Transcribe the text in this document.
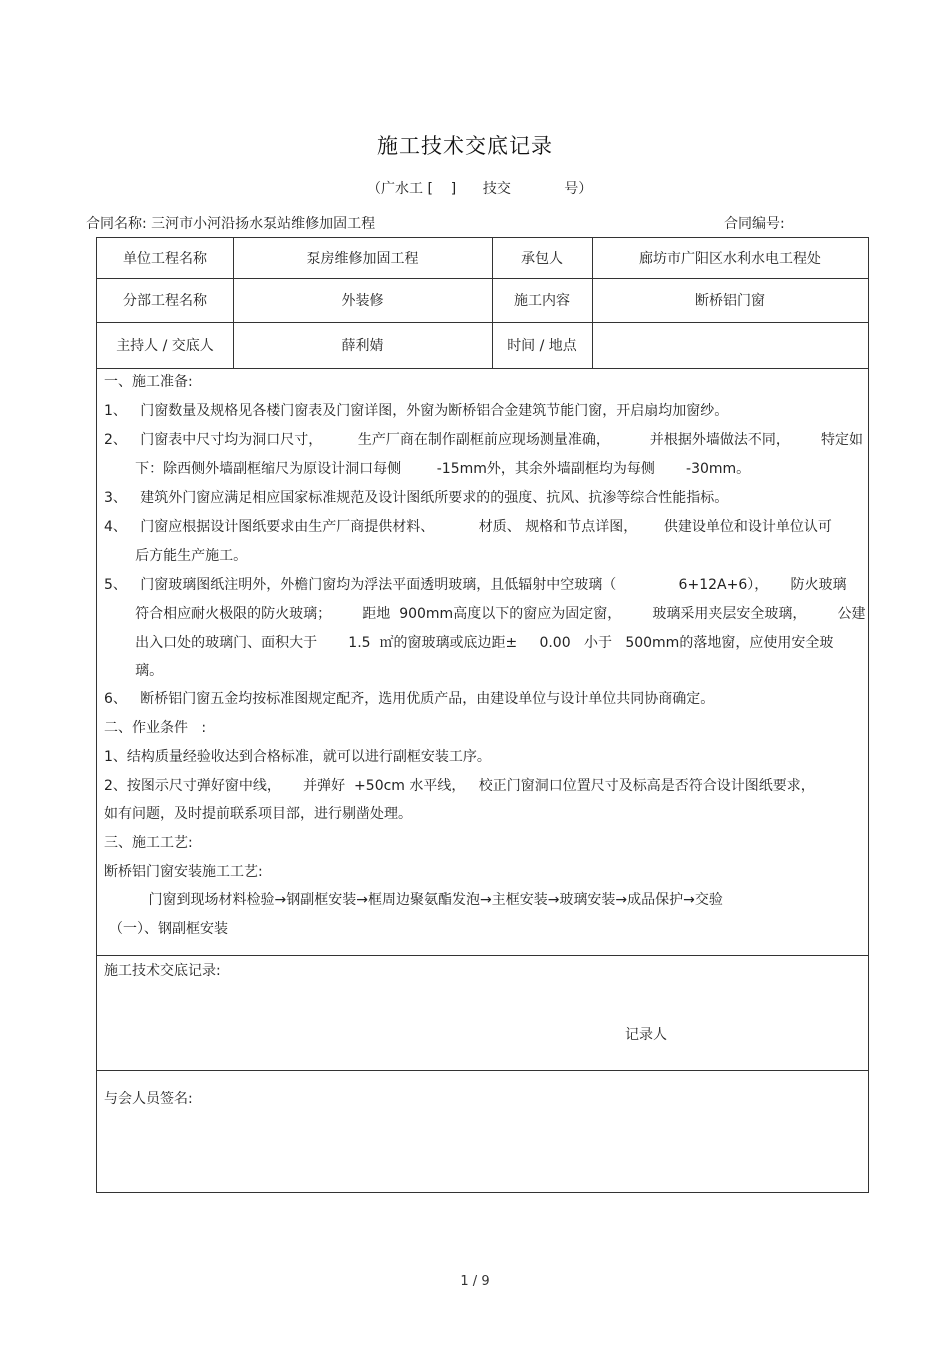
施工技术交底记录
（广水工 [    ]      技交            号）
合同名称: 三河市小河沿扬水泵站维修加固工程	合同编号:
单位工程名称	泵房维修加固工程	承包人	廊坊市广阳区水利水电工程处
分部工程名称	外装修	施工内容	断桥铝门窗
主持人 / 交底人	薛利婧	时间 / 地点
一、施工准备:
1、   门窗数量及规格见各楼门窗表及门窗详图，外窗为断桥铝合金建筑节能门窗，开启扇均加窗纱。
2、   门窗表中尺寸均为洞口尺寸，        生产厂商在制作副框前应现场测量准确，         并根据外墙做法不同，       特定如
下：除西侧外墙副框缩尺为原设计洞口每侧        -15mm外，其余外墙副框均为每侧       -30mm。
3、   建筑外门窗应满足相应国家标准规范及设计图纸所要求的的强度、抗风、抗渗等综合性能指标。
4、   门窗应根据设计图纸要求由生产厂商提供材料、          材质、 规格和节点详图，      供建设单位和设计单位认可
后方能生产施工。
5、   门窗玻璃图纸注明外，外檐门窗均为浮法平面透明玻璃，且低辐射中空玻璃（              6+12A+6），     防火玻璃
符合相应耐火极限的防火玻璃；       距地  900mm高度以下的窗应为固定窗，       玻璃采用夹层安全玻璃，       公建
出入口处的玻璃门、面积大于       1.5  ㎡的窗玻璃或底边距±     0.00   小于   500mm的落地窗，应使用安全玻
璃。
6、   断桥铝门窗五金均按标准图规定配齐，选用优质产品，由建设单位与设计单位共同协商确定。
二、作业条件   :
1、结构质量经验收达到合格标准，就可以进行副框安装工序。
2、按图示尺寸弹好窗中线，     并弹好  +50cm 水平线，   校正门窗洞口位置尺寸及标高是否符合设计图纸要求，
如有问题，及时提前联系项目部，进行剔凿处理。
三、施工工艺:
断桥铝门窗安装施工工艺:
门窗到现场材料检验→钢副框安装→框周边聚氨酯发泡→主框安装→玻璃安装→成品保护→交验
（一）、钢副框安装
施工技术交底记录:
记录人
与会人员签名:
1 / 9
